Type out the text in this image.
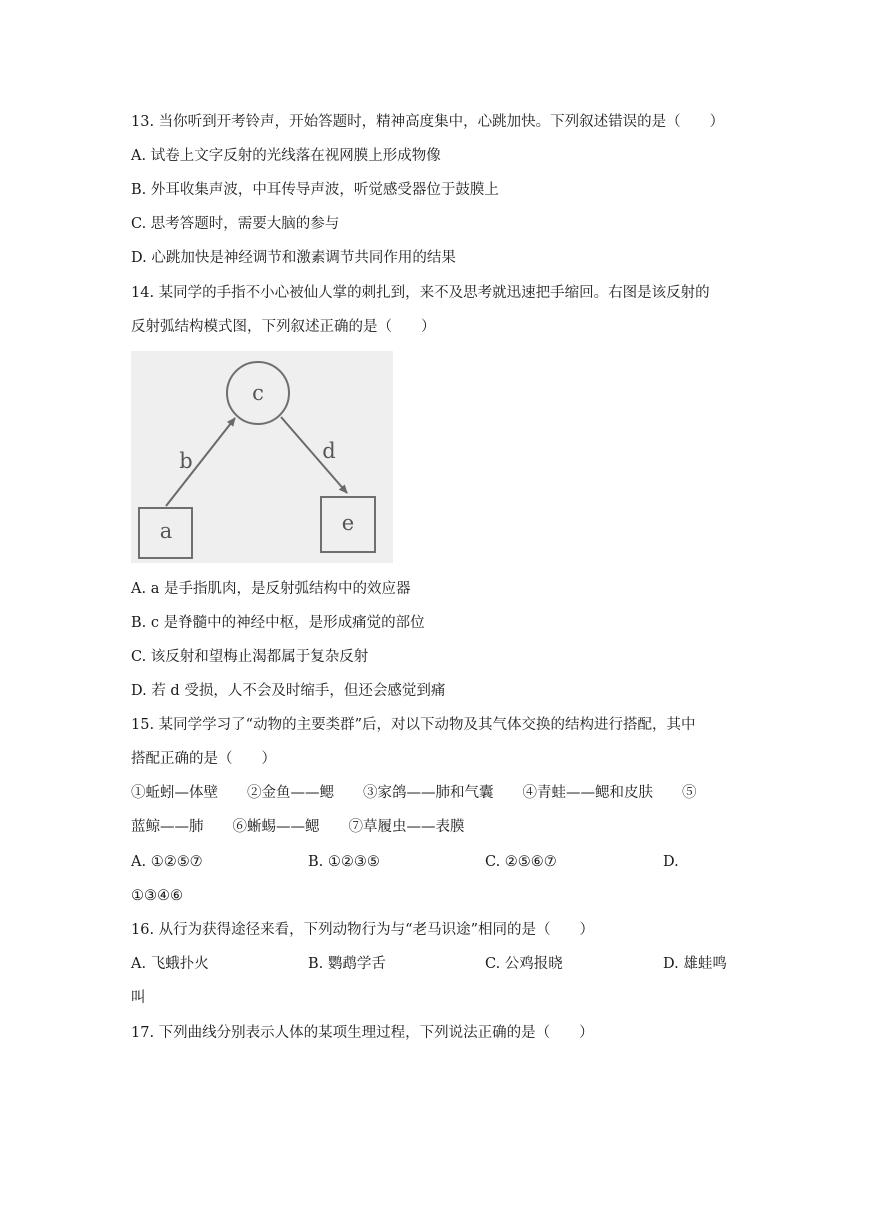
13. 当你听到开考铃声，开始答题时，精神高度集中，心跳加快。下列叙述错误的是（　　）
A. 试卷上文字反射的光线落在视网膜上形成物像
B. 外耳收集声波，中耳传导声波，听觉感受器位于鼓膜上
C. 思考答题时，需要大脑的参与
D. 心跳加快是神经调节和激素调节共同作用的结果
14. 某同学的手指不小心被仙人掌的刺扎到，来不及思考就迅速把手缩回。右图是该反射的
反射弧结构模式图，下列叙述正确的是（　　）
c
b	d
a	e
A. a 是手指肌肉，是反射弧结构中的效应器
B. c 是脊髓中的神经中枢，是形成痛觉的部位
C. 该反射和望梅止渴都属于复杂反射
D. 若 d 受损，人不会及时缩手，但还会感觉到痛
15. 某同学学习了“动物的主要类群”后，对以下动物及其气体交换的结构进行搭配，其中
搭配正确的是（　　）
①蚯蚓—体壁　　②金鱼——鳃　　③家鸽——肺和气囊　　④青蛙——鳃和皮肤　　⑤
蓝鲸——肺　　⑥蜥蜴——鳃　　⑦草履虫——表膜
A. ①②⑤⑦	B. ①②③⑤	C. ②⑤⑥⑦	D.
①③④⑥
16. 从行为获得途径来看，下列动物行为与“老马识途”相同的是（　　）
A. 飞蛾扑火	B. 鹦鹉学舌	C. 公鸡报晓	D. 雄蛙鸣
叫
17. 下列曲线分别表示人体的某项生理过程，下列说法正确的是（　　）
